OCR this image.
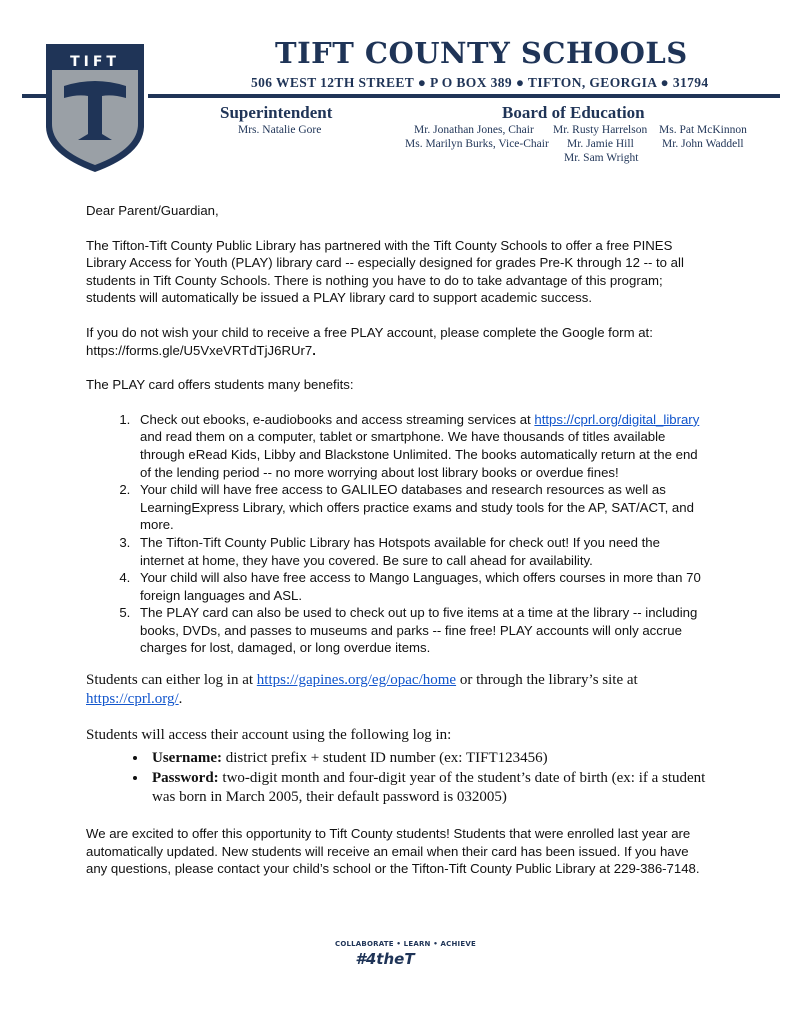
TIFT	TIFT COUNTY SCHOOLS
506 WEST 12TH STREET ● P O BOX 389 ● TIFTON, GEORGIA ● 31794
Superintendent
Mrs. Natalie Gore
Board of Education
Mr. Jonathan Jones, Chair Mr. Rusty Harrelson Ms. Pat McKinnon
Ms. Marilyn Burks, Vice-Chair Mr. Jamie Hill Mr. John Waddell
Mr. Sam Wright

Dear Parent/Guardian,

The Tifton-Tift County Public Library has partnered with the Tift County Schools to offer a free PINES Library Access for Youth (PLAY) library card -- especially designed for grades Pre-K through 12 -- to all students in Tift County Schools. There is nothing you have to do to take advantage of this program; students will automatically be issued a PLAY library card to support academic success.

If you do not wish your child to receive a free PLAY account, please complete the Google form at: https://forms.gle/U5VxeVRTdTjJ6RUr7.

The PLAY card offers students many benefits:

1. Check out ebooks, e-audiobooks and access streaming services at https://cprl.org/digital_library and read them on a computer, tablet or smartphone. We have thousands of titles available through eRead Kids, Libby and Blackstone Unlimited. The books automatically return at the end of the lending period -- no more worrying about lost library books or overdue fines!
2. Your child will have free access to GALILEO databases and research resources as well as LearningExpress Library, which offers practice exams and study tools for the AP, SAT/ACT, and more.
3. The Tifton-Tift County Public Library has Hotspots available for check out! If you need the internet at home, they have you covered. Be sure to call ahead for availability.
4. Your child will also have free access to Mango Languages, which offers courses in more than 70 foreign languages and ASL.
5. The PLAY card can also be used to check out up to five items at a time at the library -- including books, DVDs, and passes to museums and parks -- fine free! PLAY accounts will only accrue charges for lost, damaged, or long overdue items.

Students can either log in at https://gapines.org/eg/opac/home or through the library’s site at https://cprl.org/.

Students will access their account using the following log in:

• Username: district prefix + student ID number (ex: TIFT123456)
• Password: two-digit month and four-digit year of the student’s date of birth (ex: if a student was born in March 2005, their default password is 032005)

We are excited to offer this opportunity to Tift County students! Students that were enrolled last year are automatically updated. New students will receive an email when their card has been issued. If you have any questions, please contact your child’s school or the Tifton-Tift County Public Library at 229-386-7148.

COLLABORATE • LEARN • ACHIEVE
#4theT
